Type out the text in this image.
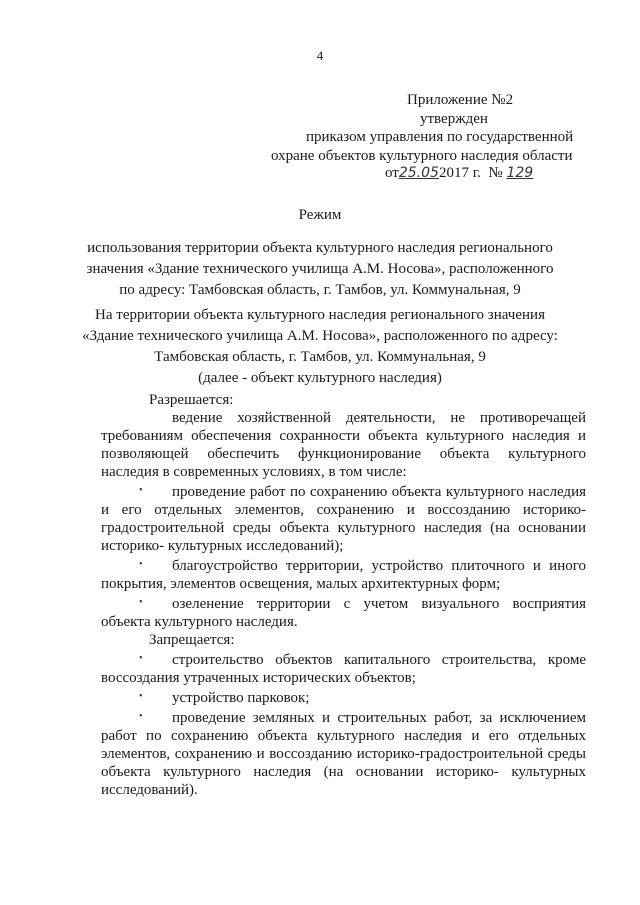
4
Приложение №2
утвержден
приказом управления по государственной
охране объектов культурного наследия области
от25.052017 г. № 129
Режим
использования территории объекта культурного наследия регионального значения «Здание технического училища А.М. Носова», расположенного по адресу: Тамбовская область, г. Тамбов, ул. Коммунальная, 9
На территории объекта культурного наследия регионального значения
«Здание технического училища А.М. Носова», расположенного по адресу:
Тамбовская область, г. Тамбов, ул. Коммунальная, 9
(далее - объект культурного наследия)

Разрешается:

ведение хозяйственной деятельности, не противоречащей требованиям обеспечения сохранности объекта культурного наследия и позволяющей обеспечить функционирование объекта культурного наследия в современных условиях, в том числе:

•	проведение работ по сохранению объекта культурного наследия и его отдельных элементов, сохранению и воссозданию историко-градостроительной среды объекта культурного наследия (на основании историко- культурных исследований);

•	благоустройство территории, устройство плиточного и иного покрытия, элементов освещения, малых архитектурных форм;

•	озеленение территории с учетом визуального восприятия объекта культурного наследия.

Запрещается:

•	строительство объектов капитального строительства, кроме воссоздания утраченных исторических объектов;

•	устройство парковок;

•	проведение земляных и строительных работ, за исключением работ по сохранению объекта культурного наследия и его отдельных элементов, сохранению и воссозданию историко-градостроительной среды объекта культурного наследия (на основании историко- культурных исследований).
